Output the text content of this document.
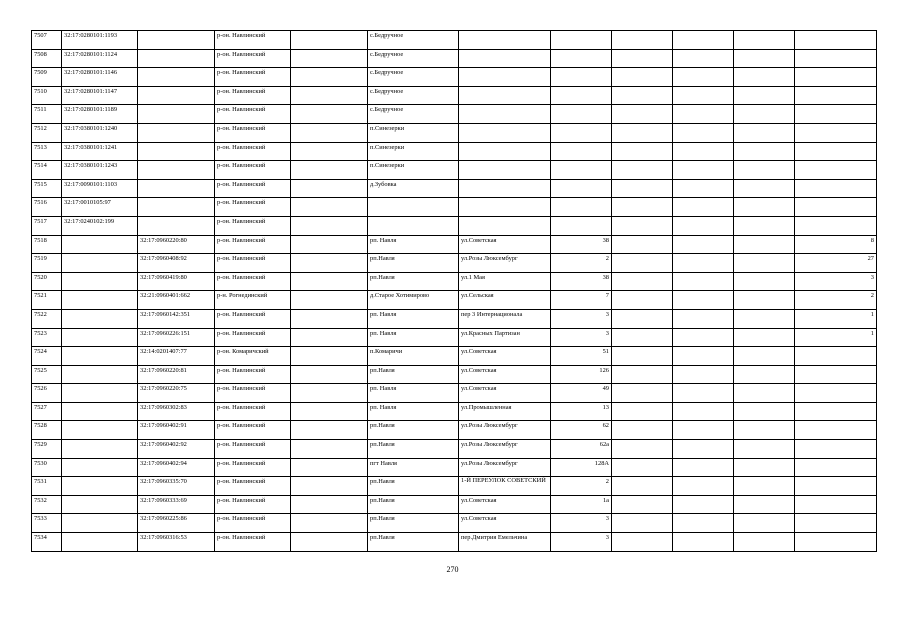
7507	32:17:0280101:1193		р-он. Навлинский		с.Бедручное						
7508	32:17:0280101:1124		р-он. Навлинский		с.Бедручное						
7509	32:17:0280101:1146		р-он. Навлинский		с.Бедручное						
7510	32:17:0280101:1147		р-он. Навлинский		с.Бедручное						
7511	32:17:0280101:1189		р-он. Навлинский		с.Бедручное						
7512	32:17:0380101:1240		р-он. Навлинский		п.Синезерки						
7513	32:17:0380101:1241		р-он. Навлинский		п.Синезерки						
7514	32:17:0380101:1243		р-он. Навлинский		п.Синезерки						
7515	32:17:0090101:1103		р-он. Навлинский		д.Зубовка						
7516	32:17:0010105:97		р-он. Навлинский								
7517	32:17:0240102:199		р-он. Навлинский								
7518		32:17:0960220:80	р-он. Навлинский		рп. Навля	ул.Советская	38				8
7519		32:17:0960408:92	р-он. Навлинский		рп.Навля	ул.Розы Люксембург	2				27
7520		32:17:0960419:80	р-он. Навлинский		рп.Навля	ул.1 Мая	38				3
7521		32:21:0960401:662	р-н. Рогнединский		д.Старое Хотимирово	ул.Сельская	7				2
7522		32:17:0960142:351	р-он. Навлинский		рп. Навля	пер 3 Интернационала	3				1
7523		32:17:0960226:151	р-он. Навлинский		рп. Навля	ул.Красных Партизан	3				1
7524		32:14:0201407:77	р-он. Комаричский		п.Комаричи	ул.Советская	51				
7525		32:17:0960220:81	р-он. Навлинский		рп.Навля	ул.Советская	126				
7526		32:17:0960220:75	р-он. Навлинский		рп. Навля	ул.Советская	49				
7527		32:17:0960302:83	р-он. Навлинский		рп. Навля	ул.Промышленная	13				
7528		32:17:0960402:91	р-он. Навлинский		рп.Навля	ул.Розы Люксембург	62				
7529		32:17:0960402:92	р-он. Навлинский		рп.Навля	ул.Розы Люксембург	62а				
7530		32:17:0960402:94	р-он. Навлинский		пгт Навля	ул.Розы Люксембург	128А				
7531		32:17:0960335:70	р-он. Навлинский		рп.Навля	1-Й ПЕРЕУЛОК СОВЕТСКИЙ	2				
7532		32:17:0960333:69	р-он. Навлинский		рп.Навля	ул.Советская	1а				
7533		32:17:0960225:86	р-он. Навлинский		рп.Навля	ул.Советская	3				
7534		32:17:0960316:53	р-он. Навлинский		рп.Навля	пер.Дмитрия Емельчина	3				
270
